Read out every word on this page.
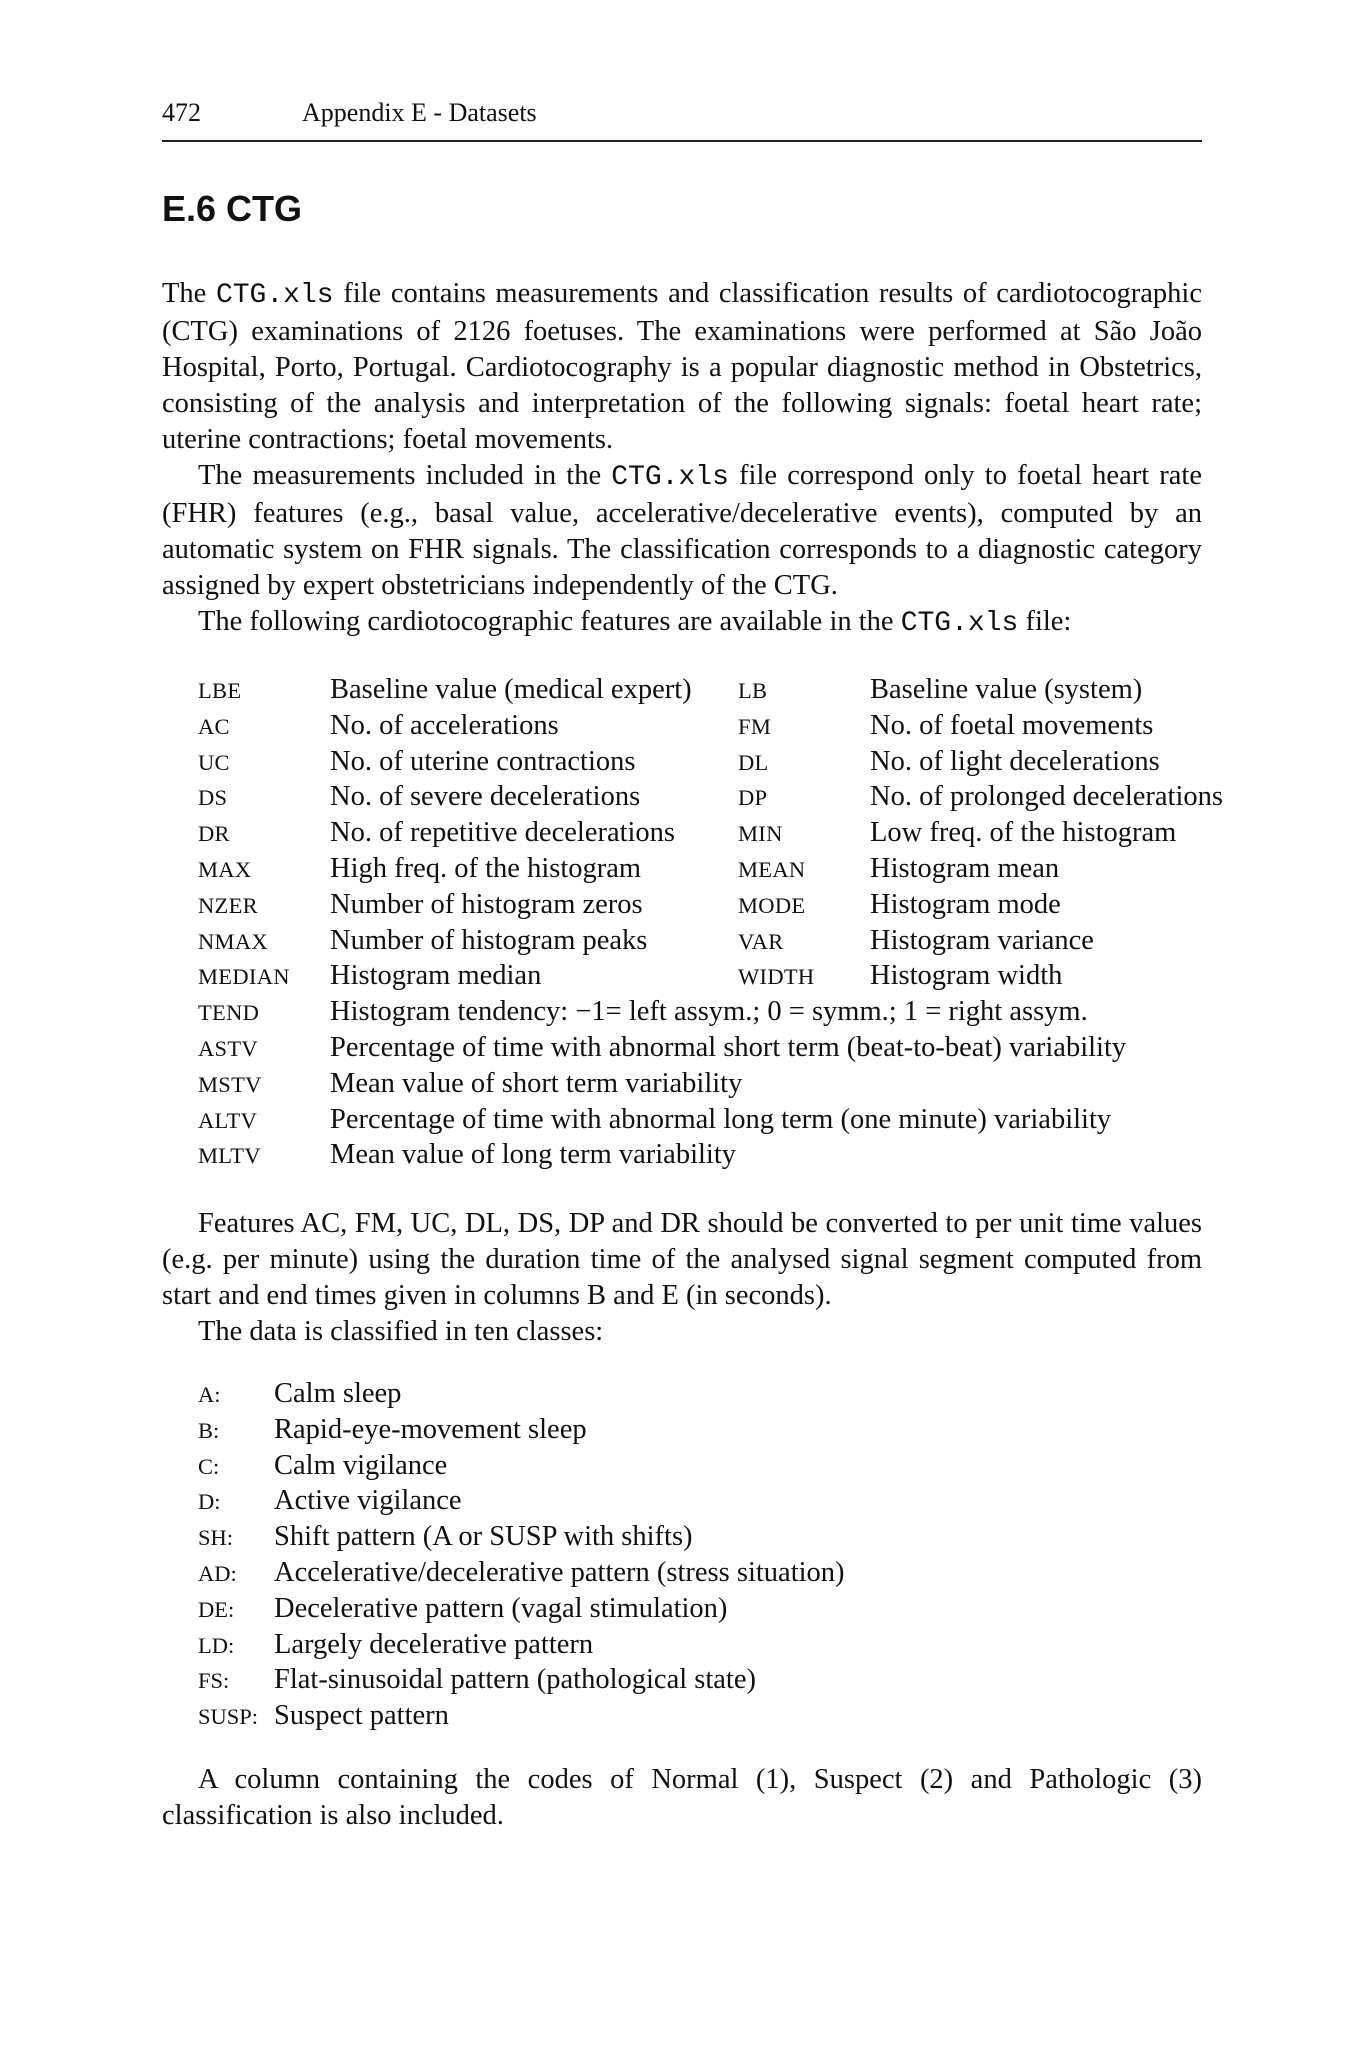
472	Appendix E - Datasets
E.6 CTG

The CTG.xls file contains measurements and classification results of cardiotocographic (CTG) examinations of 2126 foetuses. The examinations were performed at São João Hospital, Porto, Portugal. Cardiotocography is a popular diagnostic method in Obstetrics, consisting of the analysis and interpretation of the following signals: foetal heart rate; uterine contractions; foetal movements.

The measurements included in the CTG.xls file correspond only to foetal heart rate (FHR) features (e.g., basal value, accelerative/decelerative events), computed by an automatic system on FHR signals. The classification corresponds to a diagnostic category assigned by expert obstetricians independently of the CTG.

The following cardiotocographic features are available in the CTG.xls file:

LBE	Baseline value (medical expert) LB	Baseline value (system)
AC	No. of accelerations	FM	No. of foetal movements
UC	No. of uterine contractions	DL	No. of light decelerations
DS	No. of severe decelerations	DP	No. of prolonged decelerations
DR	No. of repetitive decelerations	MIN	Low freq. of the histogram
MAX	High freq. of the histogram	MEAN Histogram mean
NZER	Number of histogram zeros	MODE Histogram mode
NMAX Number of histogram peaks	VAR	Histogram variance
MEDIAN Histogram median	WIDTH Histogram width
TEND Histogram tendency: −1= left assym.; 0 = symm.; 1 = right assym.
ASTV	Percentage of time with abnormal short term (beat-to-beat) variability
MSTV Mean value of short term variability
ALTV	Percentage of time with abnormal long term (one minute) variability
MLTV Mean value of long term variability

Features AC, FM, UC, DL, DS, DP and DR should be converted to per unit time values (e.g. per minute) using the duration time of the analysed signal segment computed from start and end times given in columns B and E (in seconds).

The data is classified in ten classes:

A: Calm sleep
B: Rapid-eye-movement sleep
C: Calm vigilance
D: Active vigilance
SH: Shift pattern (A or SUSP with shifts)
AD: Accelerative/decelerative pattern (stress situation)
DE: Decelerative pattern (vagal stimulation)
LD: Largely decelerative pattern
FS: Flat-sinusoidal pattern (pathological state)
SUSP: Suspect pattern

A column containing the codes of Normal (1), Suspect (2) and Pathologic (3) classification is also included.
